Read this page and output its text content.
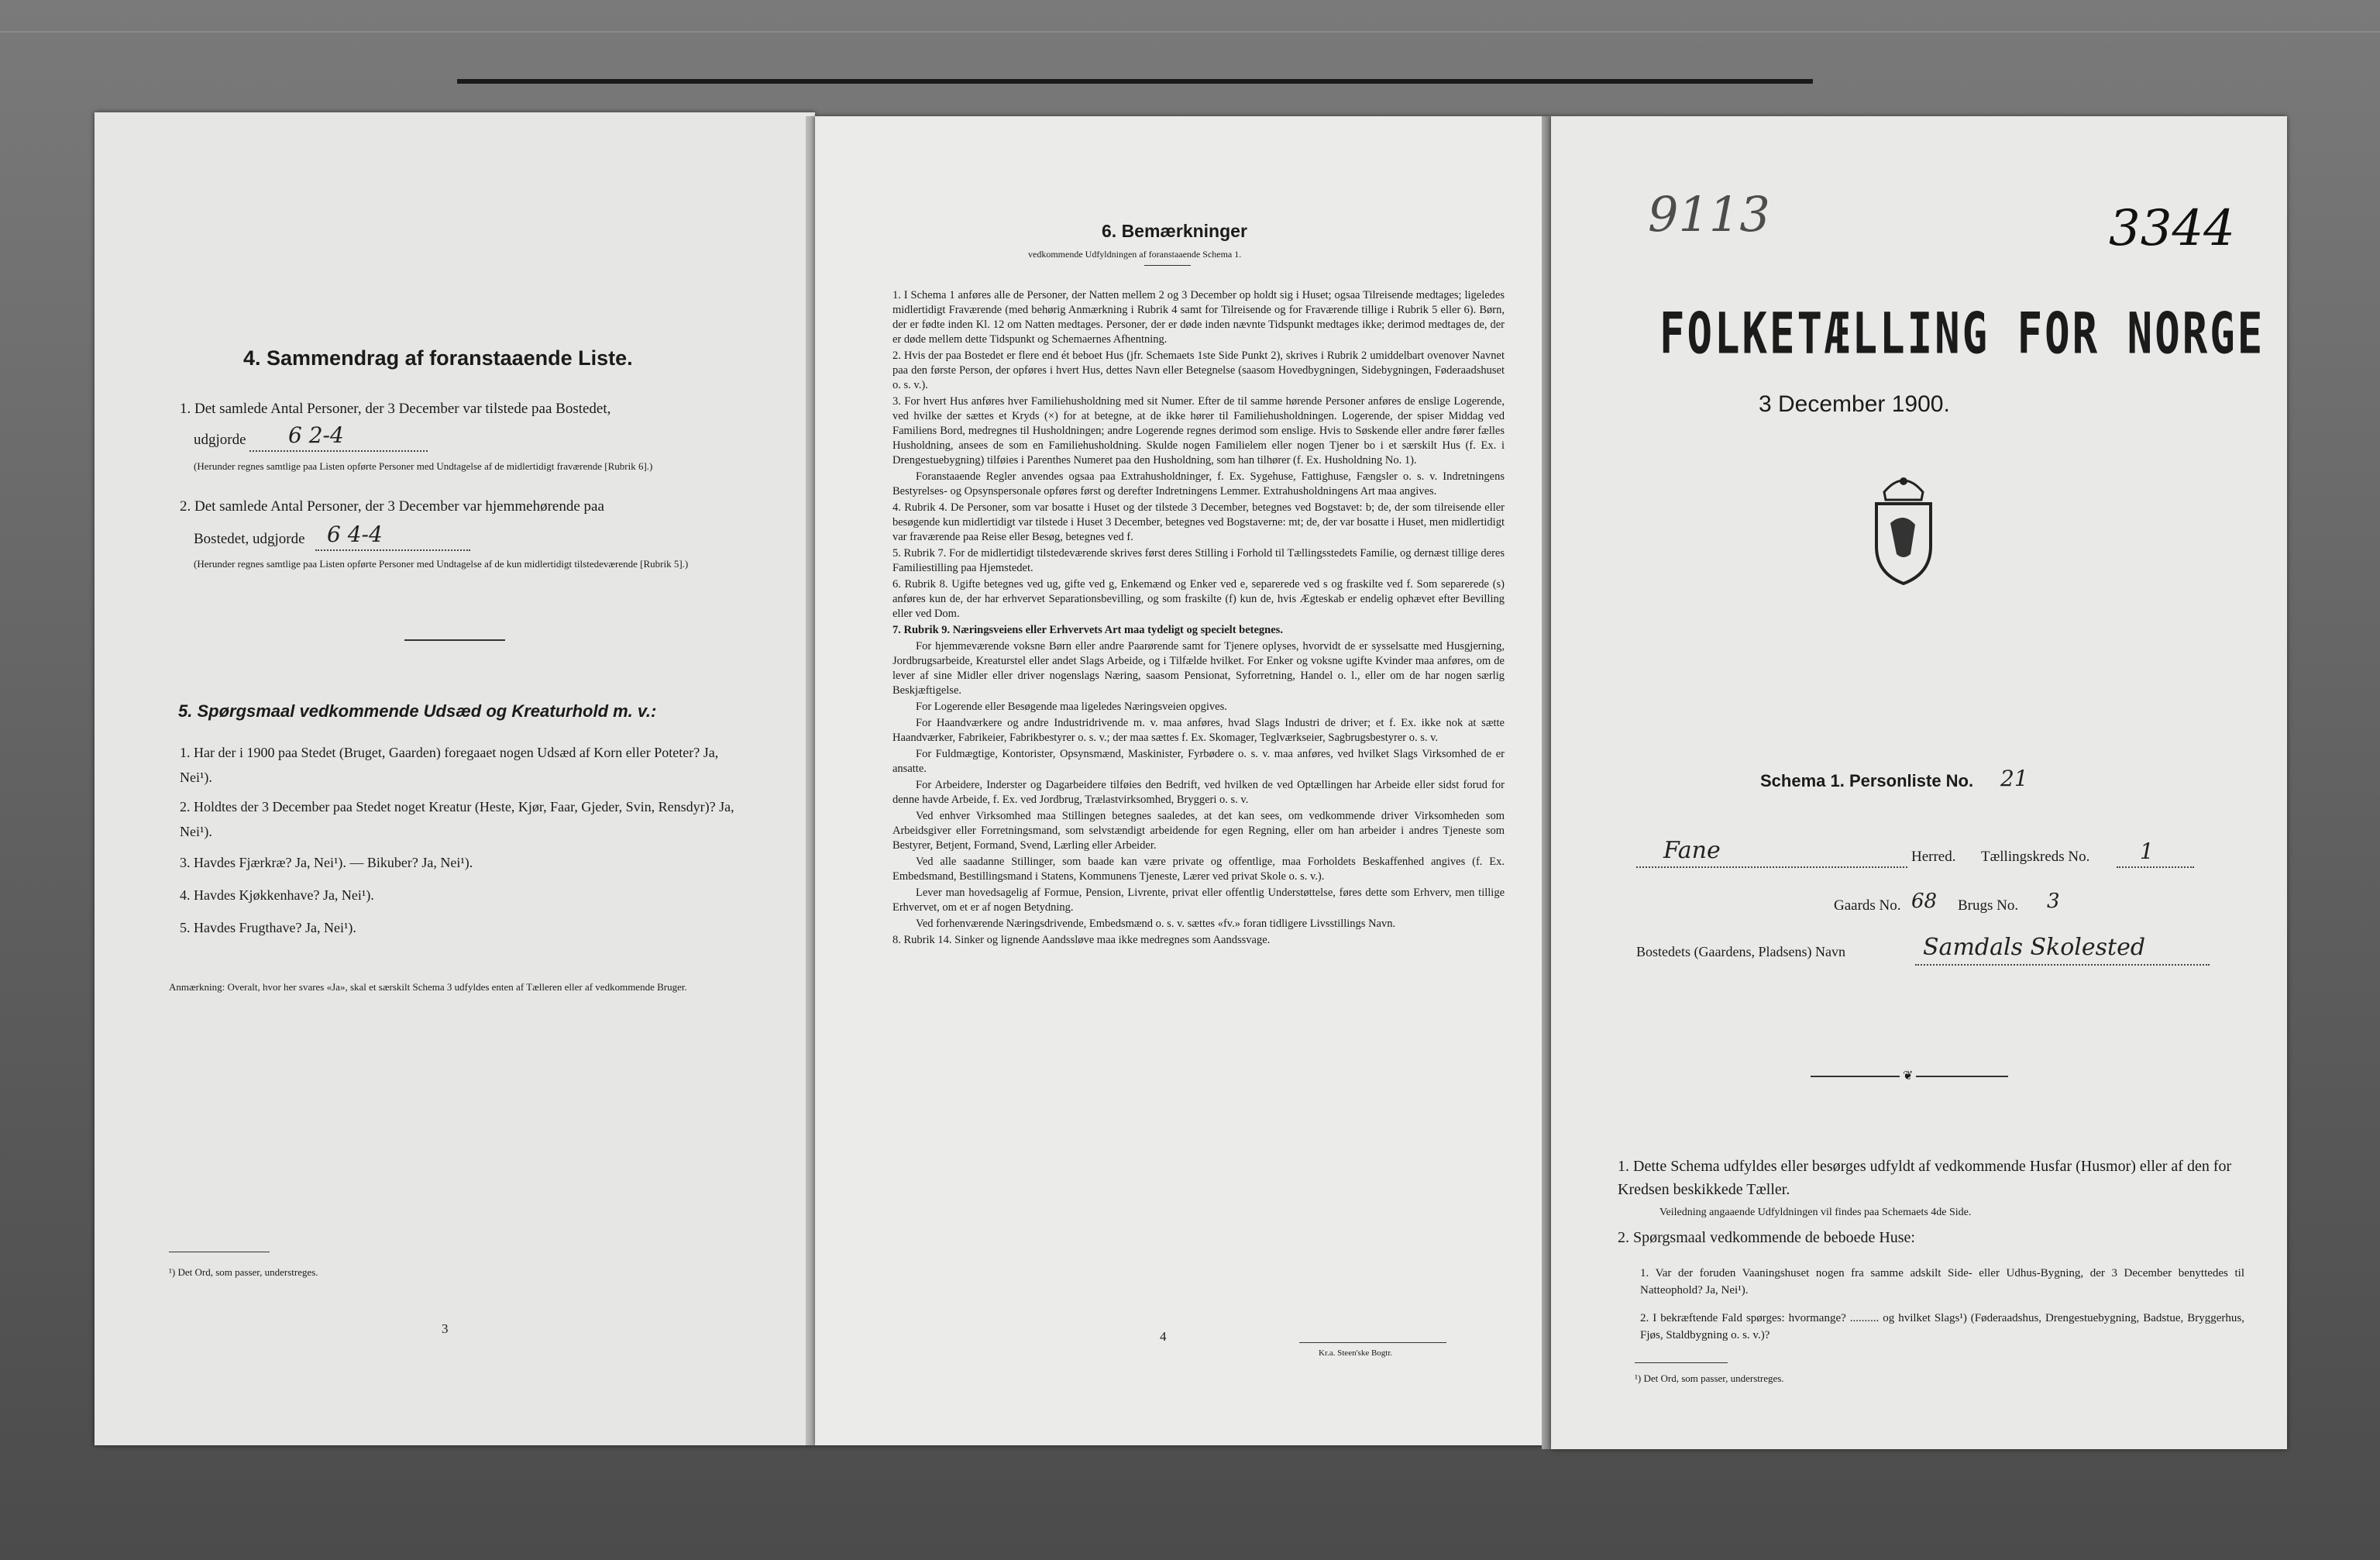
4. Sammendrag af foranstaaende Liste.
1. Det samlede Antal Personer, der 3 December var tilstede paa Bostedet,
udgjorde 6 2-4
(Herunder regnes samtlige paa Listen opførte Personer med Undtagelse af de midlertidigt fraværende [Rubrik 6].)
2. Det samlede Antal Personer, der 3 December var hjemmehørende paa
Bostedet, udgjorde 6 4-4
(Herunder regnes samtlige paa Listen opførte Personer med Undtagelse af de kun midlertidigt tilstedeværende [Rubrik 5].)
5. Spørgsmaal vedkommende Udsæd og Kreaturhold m. v.:
1. Har der i 1900 paa Stedet (Bruget, Gaarden) foregaaet nogen Udsæd af Korn eller Poteter? Ja, Nei¹).
2. Holdtes der 3 December paa Stedet noget Kreatur (Heste, Kjør, Faar, Gjeder, Svin, Rensdyr)? Ja, Nei¹).
3. Havdes Fjærkræ? Ja, Nei¹). — Bikuber? Ja, Nei¹).
4. Havdes Kjøkkenhave? Ja, Nei¹).
5. Havdes Frugthave? Ja, Nei¹).
Anmærkning: Overalt, hvor her svares «Ja», skal et særskilt Schema 3 udfyldes enten af Tælleren eller af vedkommende Bruger.
¹) Det Ord, som passer, understreges.
3
6. Bemærkninger
vedkommende Udfyldningen af foranstaaende Schema 1.

1. I Schema 1 anføres alle de Personer, der Natten mellem 2 og 3 December op holdt sig i Huset; ogsaa Tilreisende medtages; ligeledes midlertidigt Fraværende (med behørig Anmærkning i Rubrik 4 samt for Tilreisende og for Fraværende tillige i Rubrik 5 eller 6). Børn, der er fødte inden Kl. 12 om Natten medtages. Personer, der er døde inden nævnte Tidspunkt medtages ikke; derimod medtages de, der er døde mellem dette Tidspunkt og Schemaernes Afhentning.

2. Hvis der paa Bostedet er flere end ét beboet Hus (jfr. Schemaets 1ste Side Punkt 2), skrives i Rubrik 2 umiddelbart ovenover Navnet paa den første Person, der opføres i hvert Hus, dettes Navn eller Betegnelse (saasom Hovedbygningen, Sidebygningen, Føderaadshuset o. s. v.).

3. For hvert Hus anføres hver Familiehusholdning med sit Numer. Efter de til samme hørende Personer anføres de enslige Logerende, ved hvilke der sættes et Kryds (×) for at betegne, at de ikke hører til Familiehusholdningen. Logerende, der spiser Middag ved Familiens Bord, medregnes til Husholdningen; andre Logerende regnes derimod som enslige. Hvis to Søskende eller andre fører fælles Husholdning, ansees de som en Familiehusholdning. Skulde nogen Familielem eller nogen Tjener bo i et særskilt Hus (f. Ex. i Drengestuebygning) tilføies i Parenthes Numeret paa den Husholdning, som han tilhører (f. Ex. Husholdning No. 1).

Foranstaaende Regler anvendes ogsaa paa Extrahusholdninger, f. Ex. Sygehuse, Fattighuse, Fængsler o. s. v. Indretningens Bestyrelses- og Opsynspersonale opføres først og derefter Indretningens Lemmer. Extrahusholdningens Art maa angives.

4. Rubrik 4. De Personer, som var bosatte i Huset og der tilstede 3 December, betegnes ved Bogstavet: b; de, der som tilreisende eller besøgende kun midlertidigt var tilstede i Huset 3 December, betegnes ved Bogstaverne: mt; de, der var bosatte i Huset, men midlertidigt var fraværende paa Reise eller Besøg, betegnes ved f.

5. Rubrik 7. For de midlertidigt tilstedeværende skrives først deres Stilling i Forhold til Tællingsstedets Familie, og dernæst tillige deres Familiestilling paa Hjemstedet.

6. Rubrik 8. Ugifte betegnes ved ug, gifte ved g, Enkemænd og Enker ved e, separerede ved s og fraskilte ved f. Som separerede (s) anføres kun de, der har erhvervet Separationsbevilling, og som fraskilte (f) kun de, hvis Ægteskab er endelig ophævet efter Bevilling eller ved Dom.

7. Rubrik 9. Næringsveiens eller Erhvervets Art maa tydeligt og specielt betegnes.

For hjemmeværende voksne Børn eller andre Paarørende samt for Tjenere oplyses, hvorvidt de er sysselsatte med Husgjerning, Jordbrugsarbeide, Kreaturstel eller andet Slags Arbeide, og i Tilfælde hvilket. For Enker og voksne ugifte Kvinder maa anføres, om de lever af sine Midler eller driver nogenslags Næring, saasom Pensionat, Syforretning, Handel o. l., eller om de har nogen særlig Beskjæftigelse.

For Logerende eller Besøgende maa ligeledes Næringsveien opgives.

For Haandværkere og andre Industridrivende m. v. maa anføres, hvad Slags Industri de driver; et f. Ex. ikke nok at sætte Haandværker, Fabrikeier, Fabrikbestyrer o. s. v.; der maa sættes f. Ex. Skomager, Teglværkseier, Sagbrugsbestyrer o. s. v.

For Fuldmægtige, Kontorister, Opsynsmænd, Maskinister, Fyrbødere o. s. v. maa anføres, ved hvilket Slags Virksomhed de er ansatte.

For Arbeidere, Inderster og Dagarbeidere tilføies den Bedrift, ved hvilken de ved Optællingen har Arbeide eller sidst forud for denne havde Arbeide, f. Ex. ved Jordbrug, Trælastvirksomhed, Bryggeri o. s. v.

Ved enhver Virksomhed maa Stillingen betegnes saaledes, at det kan sees, om vedkommende driver Virksomheden som Arbeidsgiver eller Forretningsmand, som selvstændigt arbeidende for egen Regning, eller om han arbeider i andres Tjeneste som Bestyrer, Betjent, Formand, Svend, Lærling eller Arbeider.

Ved alle saadanne Stillinger, som baade kan være private og offentlige, maa Forholdets Beskaffenhed angives (f. Ex. Embedsmand, Bestillingsmand i Statens, Kommunens Tjeneste, Lærer ved privat Skole o. s. v.).

Lever man hovedsagelig af Formue, Pension, Livrente, privat eller offentlig Understøttelse, føres dette som Erhverv, men tillige Erhvervet, om et er af nogen Betydning.

Ved forhenværende Næringsdrivende, Embedsmænd o. s. v. sættes «fv.» foran tidligere Livsstillings Navn.

8. Rubrik 14. Sinker og lignende Aandssløve maa ikke medregnes som Aandssvage.

4
Kr.a. Steen'ske Bogtr.
9113	3344
FOLKETÆLLING FOR NORGE
3 December 1900.
Schema 1. Personliste No. 21
Fane	Herred. Tællingskreds No. 1
Gaards No. 68 Brugs No. 3
Bostedets (Gaardens, Pladsens) Navn	Samdals Skolested
❦
1. Dette Schema udfyldes eller besørges udfyldt af vedkommende Husfar (Husmor) eller af den for Kredsen beskikkede Tæller.
Veiledning angaaende Udfyldningen vil findes paa Schemaets 4de Side.
2. Spørgsmaal vedkommende de beboede Huse:
1. Var der foruden Vaaningshuset nogen fra samme adskilt Side- eller Udhus-Bygning, der 3 December benyttedes til Natteophold? Ja, Nei¹).
2. I bekræftende Fald spørges: hvormange? .......... og hvilket Slags¹) (Føderaadshus, Drengestuebygning, Badstue, Bryggerhus, Fjøs, Staldbygning o. s. v.)?
¹) Det Ord, som passer, understreges.
